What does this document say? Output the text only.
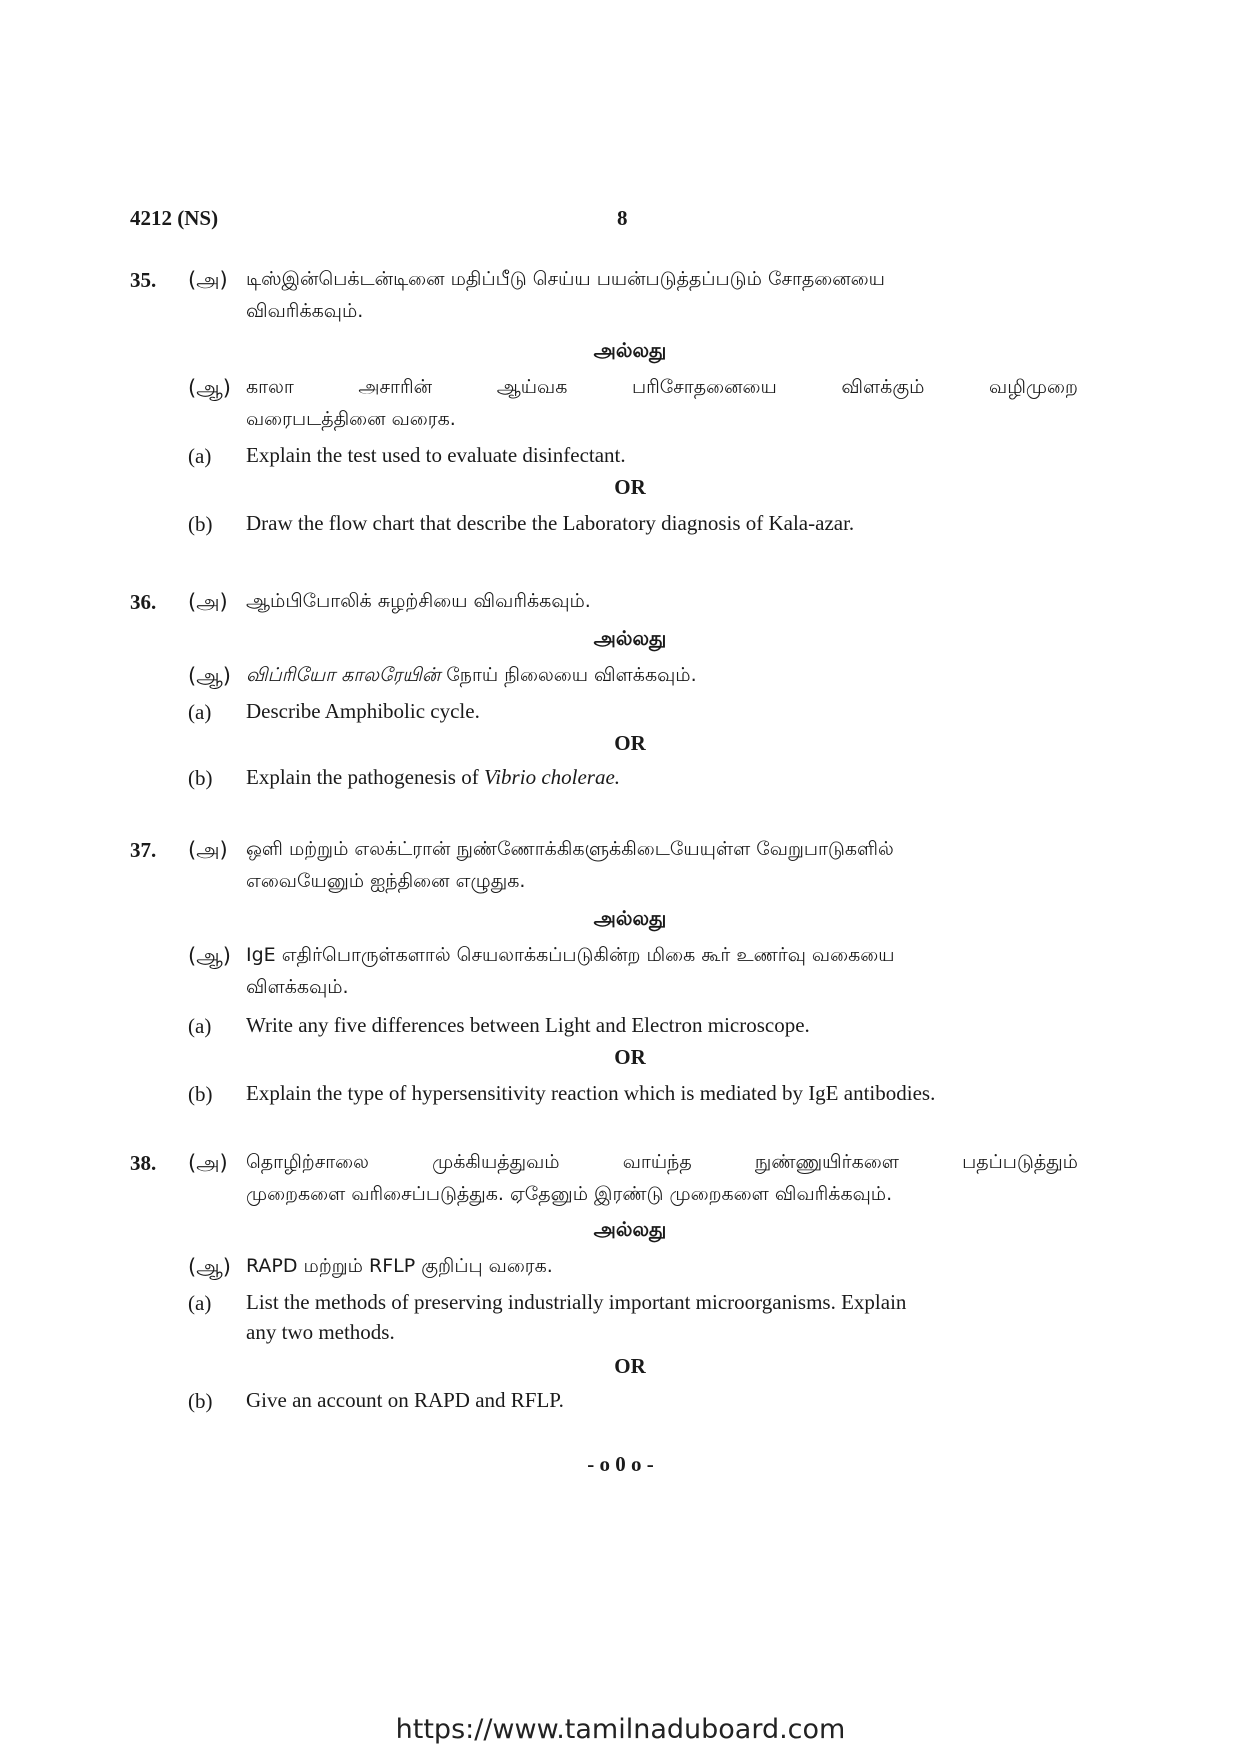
4212 (NS)	8
35. (அ) டிஸ்இன்பெக்டன்டினை மதிப்பீடு செய்ய பயன்படுத்தப்படும் சோதனையை
விவரிக்கவும்.
அல்லது
(ஆ) காலா	அசாரின்	ஆய்வக	பரிசோதனையை	விளக்கும்	வழிமுறை
வரைபடத்தினை வரைக.
(a) Explain the test used to evaluate disinfectant.
OR
(b) Draw the flow chart that describe the Laboratory diagnosis of Kala-azar.
36. (அ) ஆம்பிபோலிக் சுழற்சியை விவரிக்கவும்.
அல்லது
(ஆ) விப்ரியோ காலரேயின் நோய் நிலையை விளக்கவும்.
(a) Describe Amphibolic cycle.
OR
(b) Explain the pathogenesis of Vibrio cholerae.
37. (அ) ஒளி மற்றும் எலக்ட்ரான் நுண்ணோக்கிகளுக்கிடையேயுள்ள வேறுபாடுகளில்
எவையேனும் ஐந்தினை எழுதுக.
அல்லது
(ஆ) IgE எதிர்பொருள்களால் செயலாக்கப்படுகின்ற மிகை கூர் உணர்வு வகையை
விளக்கவும்.
(a) Write any five differences between Light and Electron microscope.
OR
(b) Explain the type of hypersensitivity reaction which is mediated by IgE antibodies.
38. (அ) தொழிற்சாலை	முக்கியத்துவம்	வாய்ந்த	நுண்ணுயிர்களை	பதப்படுத்தும்
முறைகளை வரிசைப்படுத்துக. ஏதேனும் இரண்டு முறைகளை விவரிக்கவும்.
அல்லது
(ஆ) RAPD மற்றும் RFLP குறிப்பு வரைக.
(a) List the methods of preserving industrially important microorganisms. Explain
any two methods.
OR
(b) Give an account on RAPD and RFLP.
- o 0 o -
https://www.tamilnaduboard.com
